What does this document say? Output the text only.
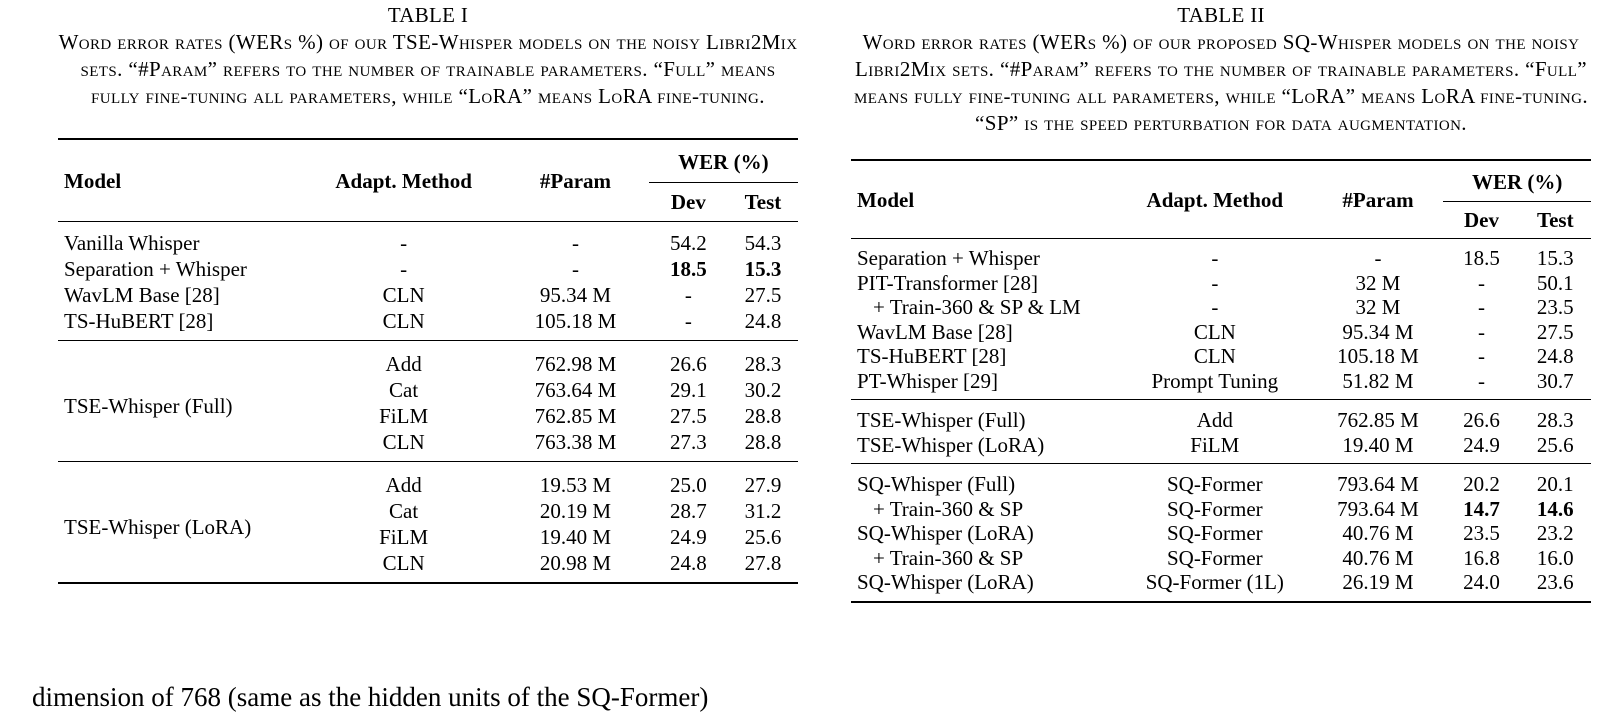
TABLE I
Word error rates (WERs %) of our TSE-Whisper models on the noisy Libri2Mix sets. “#Param” refers to the number of trainable parameters. “Full” means fully fine-tuning all parameters, while “LoRA” means LoRA fine-tuning.
Model	Adapt. Method	#Param	WER (%)	
			Dev	Test
Vanilla Whisper	-	-	54.2	54.3
Separation + Whisper	-	-	18.5	15.3
WavLM Base [28]	CLN	95.34 M	-	27.5
TS-HuBERT [28]	CLN	105.18 M	-	24.8
TSE-Whisper (Full)	Add	762.98 M	26.6	28.3
	Cat	763.64 M	29.1	30.2
	FiLM	762.85 M	27.5	28.8
	CLN	763.38 M	27.3	28.8
TSE-Whisper (LoRA)	Add	19.53 M	25.0	27.9
	Cat	20.19 M	28.7	31.2
	FiLM	19.40 M	24.9	25.6
	CLN	20.98 M	24.8	27.8
TABLE II
Word error rates (WERs %) of our proposed SQ-Whisper models on the noisy Libri2Mix sets. “#Param” refers to the number of trainable parameters. “Full” means fully fine-tuning all parameters, while “LoRA” means LoRA fine-tuning. “SP” is the speed perturbation for data augmentation.
Model	Adapt. Method	#Param	WER (%)	
			Dev	Test
Separation + Whisper	-	-	18.5	15.3
PIT-Transformer [28]	-	32 M	-	50.1
+ Train-360 & SP & LM	-	32 M	-	23.5
WavLM Base [28]	CLN	95.34 M	-	27.5
TS-HuBERT [28]	CLN	105.18 M	-	24.8
PT-Whisper [29]	Prompt Tuning	51.82 M	-	30.7
TSE-Whisper (Full)	Add	762.85 M	26.6	28.3
TSE-Whisper (LoRA)	FiLM	19.40 M	24.9	25.6
SQ-Whisper (Full)	SQ-Former	793.64 M	20.2	20.1
+ Train-360 & SP	SQ-Former	793.64 M	14.7	14.6
SQ-Whisper (LoRA)	SQ-Former	40.76 M	23.5	23.2
+ Train-360 & SP	SQ-Former	40.76 M	16.8	16.0
SQ-Whisper (LoRA)	SQ-Former (1L)	26.19 M	24.0	23.6
dimension of 768 (same as the hidden units of the SQ-Former)
